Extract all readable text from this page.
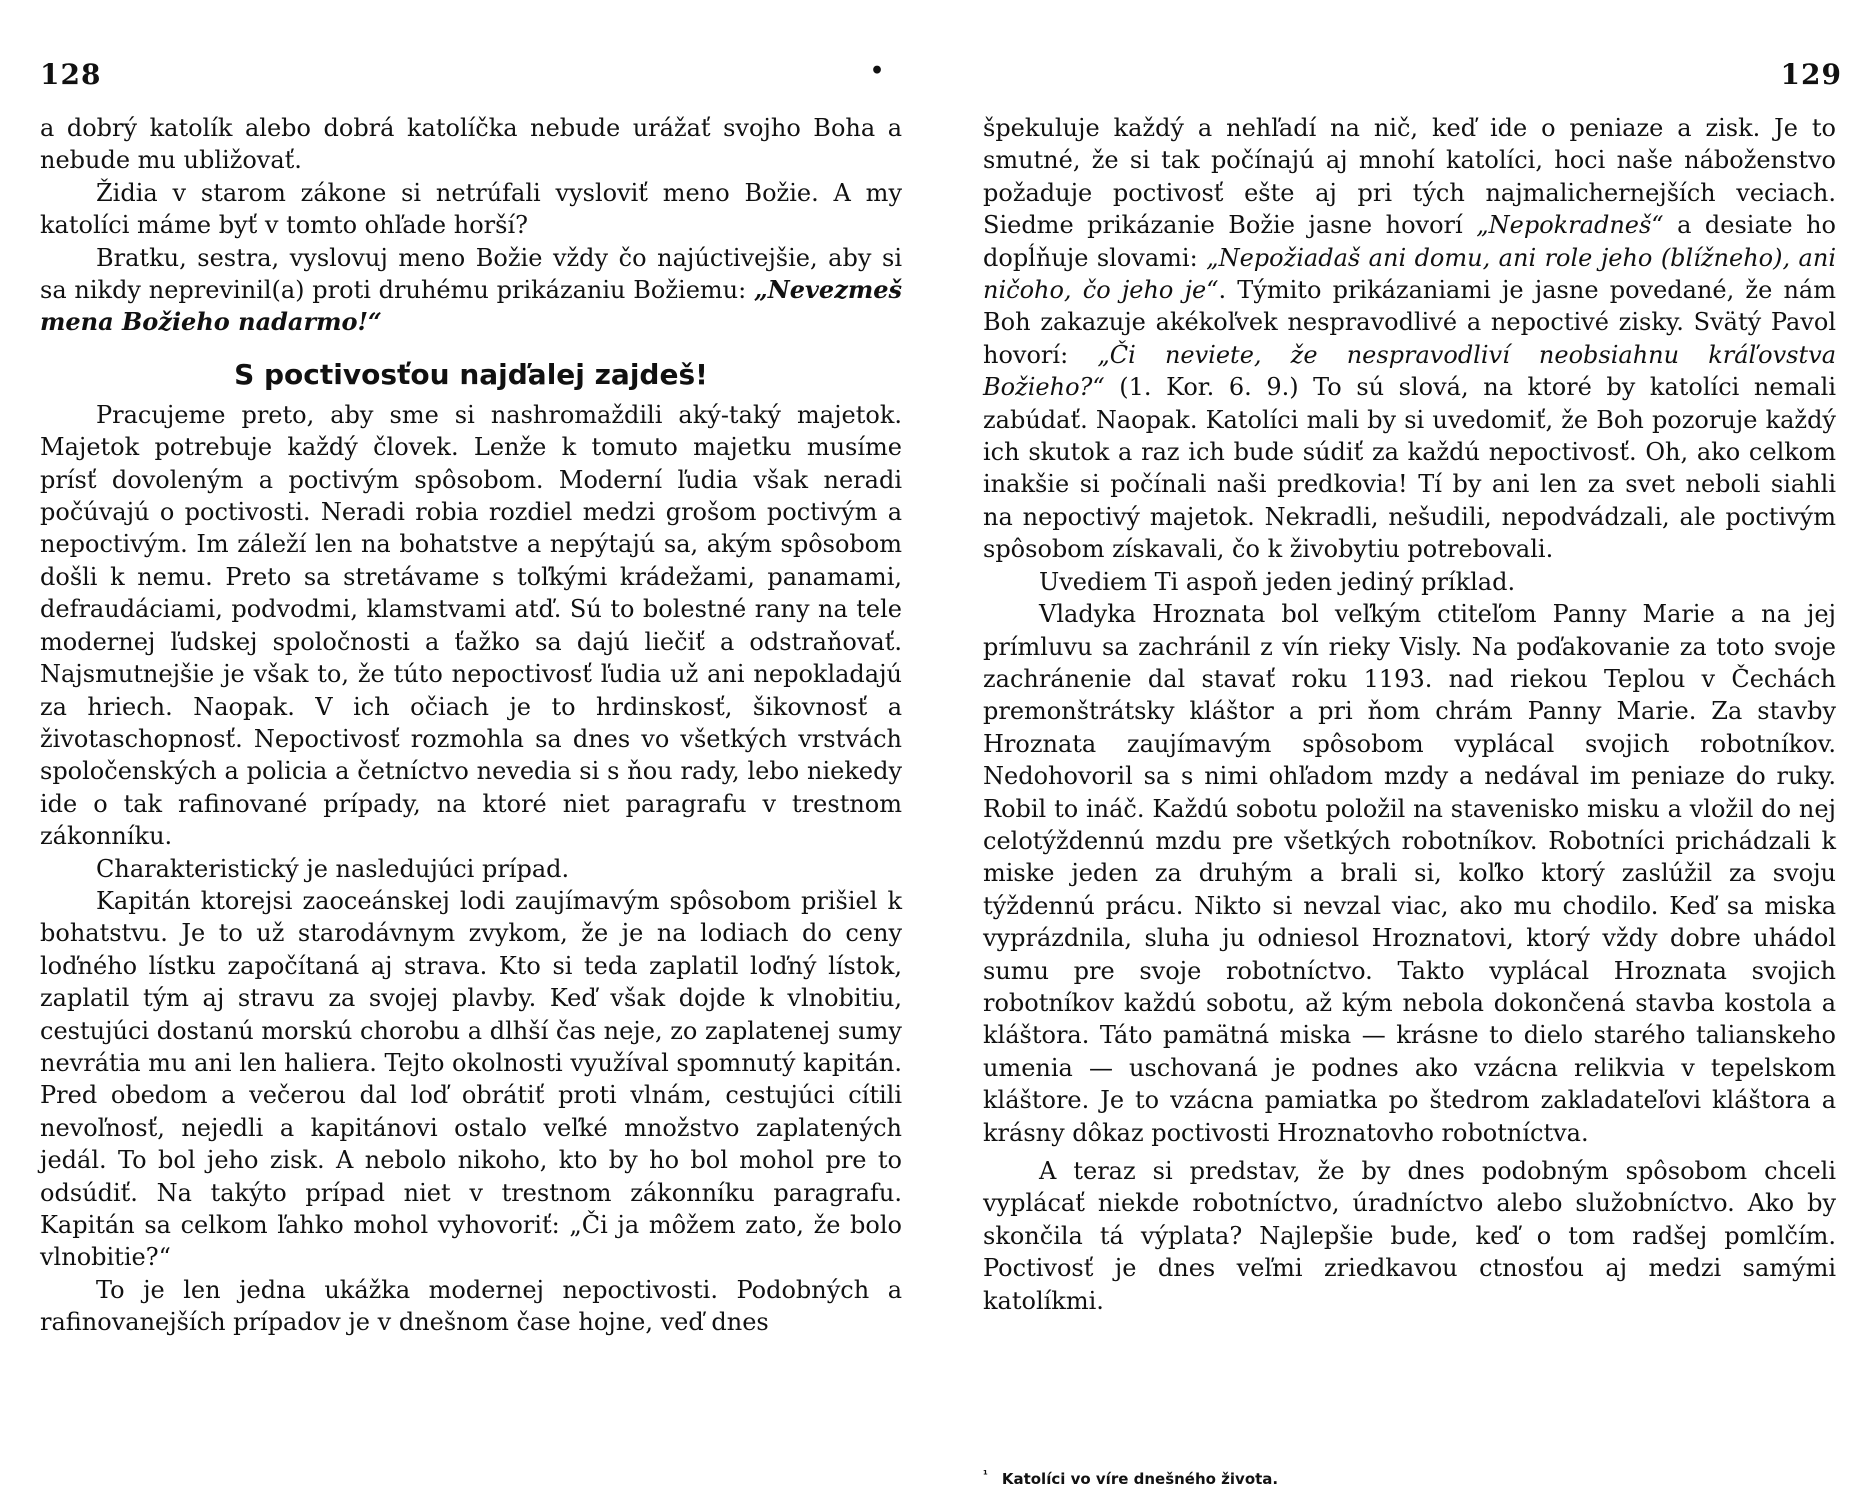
128	•

a dobrý katolík alebo dobrá katolíčka nebude urážať svojho Boha a nebude mu ubližovať.

Židia v starom zákone si netrúfali vysloviť meno Božie. A my katolíci máme byť v tomto ohľade horší?

Bratku, sestra, vyslovuj meno Božie vždy čo najúctivejšie, aby si sa nikdy neprevinil(a) proti druhému prikázaniu Božiemu: „Nevezmeš mena Božieho nadarmo!“

S poctivosťou najďalej zajdeš!

Pracujeme preto, aby sme si nashromaždili aký-taký majetok. Majetok potrebuje každý človek. Lenže k tomuto majetku musíme prísť dovoleným a poctivým spôsobom. Moderní ľudia však neradi počúvajú o poctivosti. Neradi robia rozdiel medzi grošom poctivým a nepoctivým. Im záleží len na bohatstve a nepýtajú sa, akým spôsobom došli k nemu. Preto sa stretávame s toľkými krádežami, panamami, defraudáciami, podvodmi, klamstvami atď. Sú to bolestné rany na tele modernej ľudskej spoločnosti a ťažko sa dajú liečiť a odstraňovať. Najsmutnejšie je však to, že túto nepoctivosť ľudia už ani nepokladajú za hriech. Naopak. V ich očiach je to hrdinskosť, šikovnosť a životaschopnosť. Nepoctivosť rozmohla sa dnes vo všetkých vrstvách spoločenských a policia a četníctvo nevedia si s ňou rady, lebo niekedy ide o tak rafinované prípady, na ktoré niet paragrafu v trestnom zákonníku.

Charakteristický je nasledujúci prípad.

Kapitán ktorejsi zaoceánskej lodi zaujímavým spôsobom prišiel k bohatstvu. Je to už starodávnym zvykom, že je na lodiach do ceny loďného lístku započítaná aj strava. Kto si teda zaplatil loďný lístok, zaplatil tým aj stravu za svojej plavby. Keď však dojde k vlnobitiu, cestujúci dostanú morskú chorobu a dlhší čas neje, zo zaplatenej sumy nevrátia mu ani len haliera. Tejto okolnosti využíval spomnutý kapitán. Pred obedom a večerou dal loď obrátiť proti vlnám, cestujúci cítili nevoľnosť, nejedli a kapitánovi ostalo veľké množstvo zaplatených jedál. To bol jeho zisk. A nebolo nikoho, kto by ho bol mohol pre to odsúdiť. Na takýto prípad niet v trestnom zákonníku paragrafu. Kapitán sa celkom ľahko mohol vyhovoriť: „Či ja môžem zato, že bolo vlnobitie?“

To je len jedna ukážka modernej nepoctivosti. Podobných a rafinovanejších prípadov je v dnešnom čase hojne, veď dnes

129

špekuluje každý a nehľadí na nič, keď ide o peniaze a zisk. Je to smutné, že si tak počínajú aj mnohí katolíci, hoci naše náboženstvo požaduje poctivosť ešte aj pri tých najmalichernejších veciach. Siedme prikázanie Božie jasne hovorí „Nepokradneš“ a desiate ho dopĺňuje slovami: „Nepožiadaš ani domu, ani role jeho (blížneho), ani ničoho, čo jeho je“. Týmito prikázaniami je jasne povedané, že nám Boh zakazuje akékoľvek nespravodlivé a nepoctivé zisky. Svätý Pavol hovorí: „Či neviete, že nespravodliví neobsiahnu kráľovstva Božieho?“ (1. Kor. 6. 9.) To sú slová, na ktoré by katolíci nemali zabúdať. Naopak. Katolíci mali by si uvedomiť, že Boh pozoruje každý ich skutok a raz ich bude súdiť za každú nepoctivosť. Oh, ako celkom inakšie si počínali naši predkovia! Tí by ani len za svet neboli siahli na nepoctivý majetok. Nekradli, nešudili, nepodvádzali, ale poctivým spôsobom získavali, čo k živobytiu potrebovali.

Uvediem Ti aspoň jeden jediný príklad.

Vladyka Hroznata bol veľkým ctiteľom Panny Marie a na jej prímluvu sa zachránil z vín rieky Visly. Na poďakovanie za toto svoje zachránenie dal stavať roku 1193. nad riekou Teplou v Čechách premonštrátsky kláštor a pri ňom chrám Panny Marie. Za stavby Hroznata zaujímavým spôsobom vyplácal svojich robotníkov. Nedohovoril sa s nimi ohľadom mzdy a nedával im peniaze do ruky. Robil to ináč. Každú sobotu položil na stavenisko misku a vložil do nej celotýždennú mzdu pre všetkých robotníkov. Robotníci prichádzali k miske jeden za druhým a brali si, koľko ktorý zaslúžil za svoju týždennú prácu. Nikto si nevzal viac, ako mu chodilo. Keď sa miska vyprázdnila, sluha ju odniesol Hroznatovi, ktorý vždy dobre uhádol sumu pre svoje robotníctvo. Takto vyplácal Hroznata svojich robotníkov každú sobotu, až kým nebola dokončená stavba kostola a kláštora. Táto pamätná miska — krásne to dielo starého talianskeho umenia — uschovaná je podnes ako vzácna relikvia v tepelskom kláštore. Je to vzácna pamiatka po štedrom zakladateľovi kláštora a krásny dôkaz poctivosti Hroznatovho robotníctva.

A teraz si predstav, že by dnes podobným spôsobom chceli vyplácať niekde robotníctvo, úradníctvo alebo služobníctvo. Ako by skončila tá výplata? Najlepšie bude, keď o tom radšej pomlčím. Poctivosť je dnes veľmi zriedkavou ctnosťou aj medzi samými katolíkmi.

$^{^1}$ Katolíci vo víre dnešného života.
